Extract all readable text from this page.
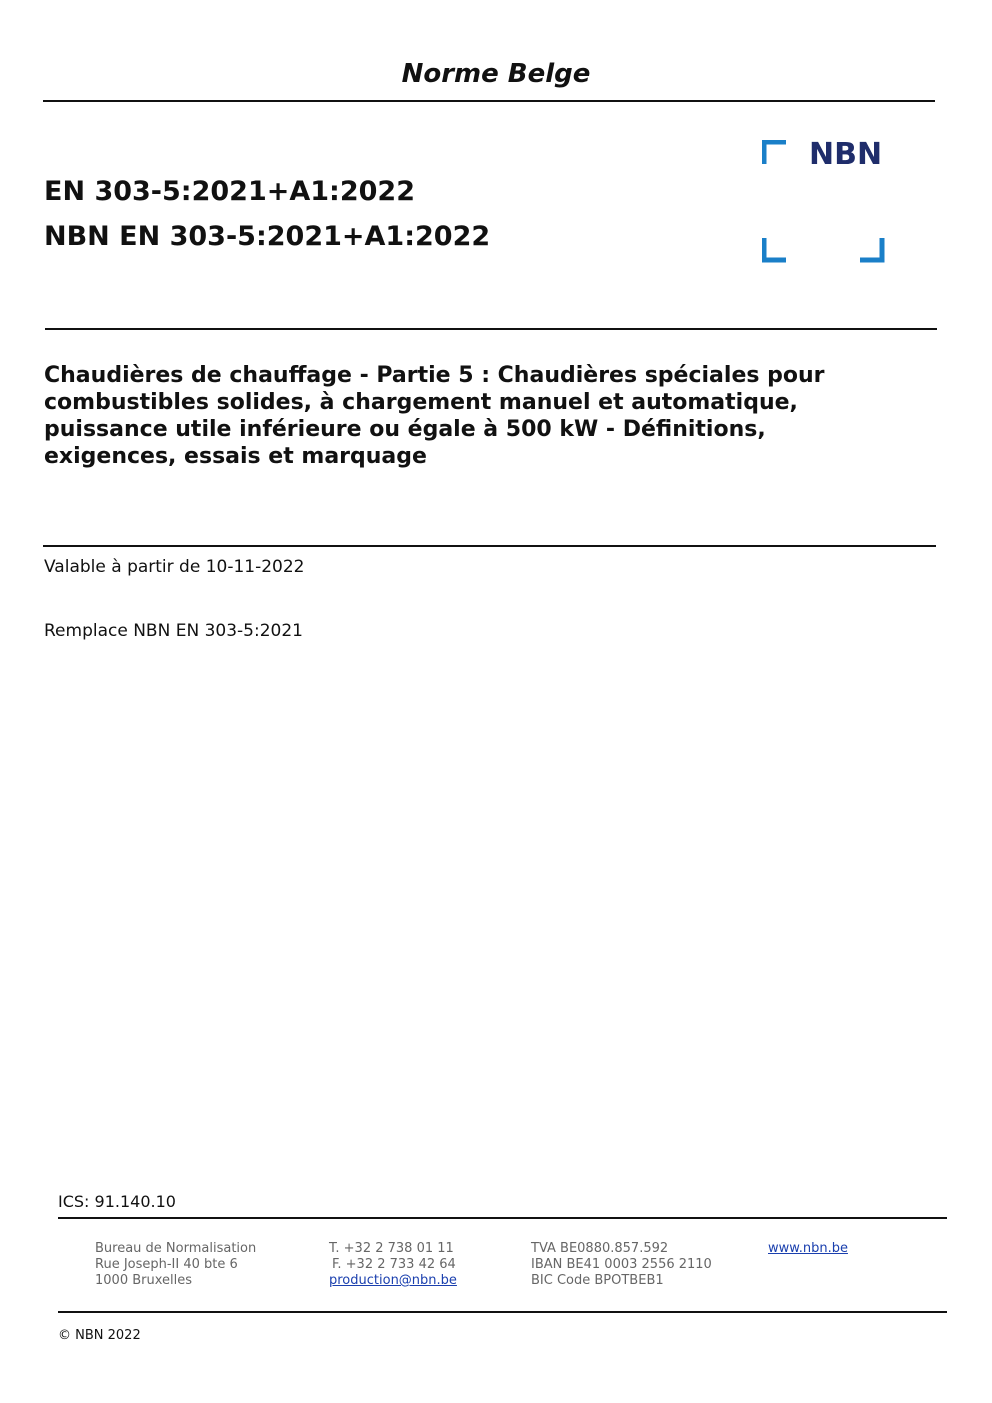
Norme Belge
EN 303-5:2021+A1:2022
NBN EN 303-5:2021+A1:2022
NBN
Chaudières de chauffage - Partie 5 : Chaudières spéciales pour
combustibles solides, à chargement manuel et automatique,
puissance utile inférieure ou égale à 500 kW - Définitions,
exigences, essais et marquage
Valable à partir de 10-11-2022
Remplace NBN EN 303-5:2021
ICS: 91.140.10
Bureau de Normalisation
Rue Joseph-II 40 bte 6
1000 Bruxelles
T. +32 2 738 01 11
F. +32 2 733 42 64
production@nbn.be
TVA BE0880.857.592
IBAN BE41 0003 2556 2110
BIC Code BPOTBEB1
www.nbn.be
© NBN 2022
